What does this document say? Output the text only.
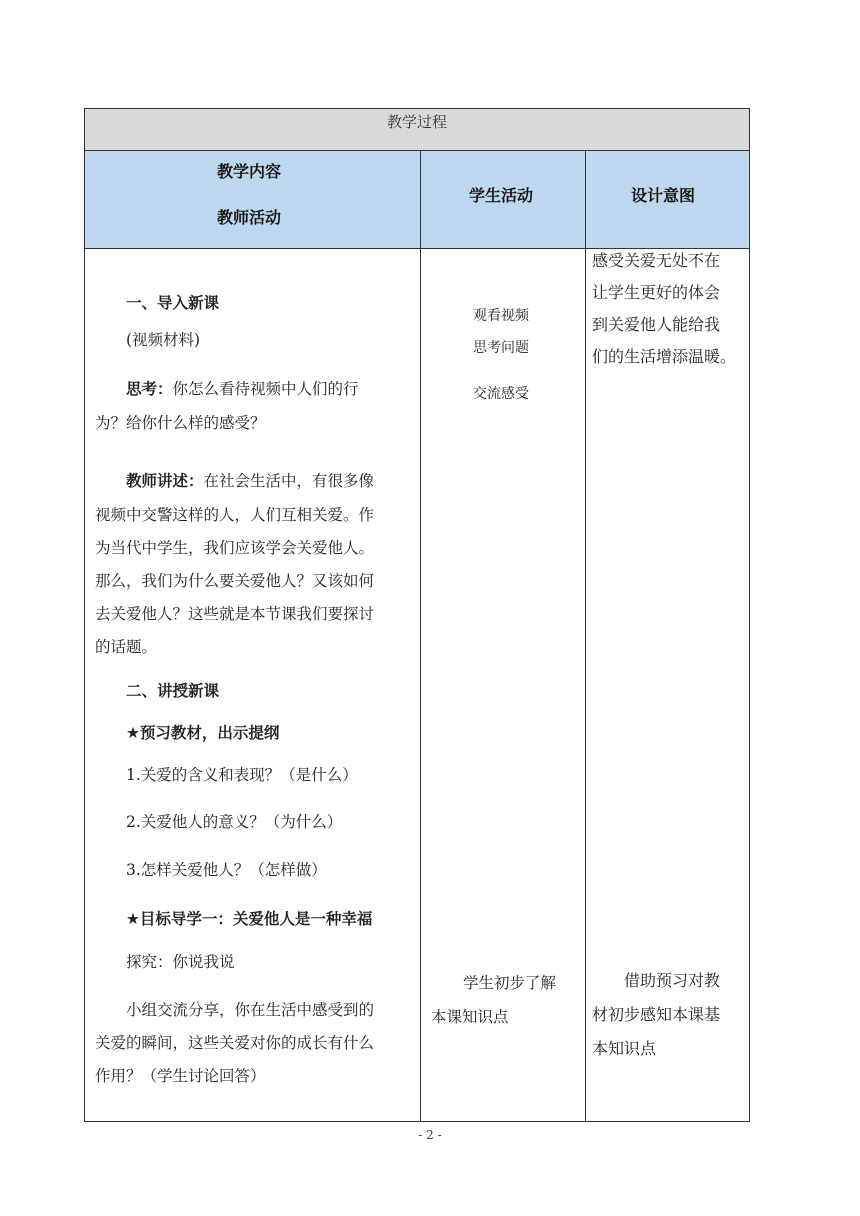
教学过程
教学内容
教师活动
学生活动	设计意图

一、导入新课

(视频材料)

思考：你怎么看待视频中人们的行

为？给你什么样的感受？

教师讲述：在社会生活中，有很多像

视频中交警这样的人，人们互相关爱。作
为当代中学生，我们应该学会关爱他人。
那么，我们为什么要关爱他人？又该如何
去关爱他人？这些就是本节课我们要探讨
的话题。

二、讲授新课

★预习教材，出示提纲

1.关爱的含义和表现？（是什么）

2.关爱他人的意义？（为什么）

3.怎样关爱他人？（怎样做）

★目标导学一：关爱他人是一种幸福

探究：你说我说

小组交流分享，你在生活中感受到的

关爱的瞬间，这些关爱对你的成长有什么
作用？（学生讨论回答）
观看视频
思考问题
交流感受
学生初步了解
本课知识点
感受关爱无处不在
让学生更好的体会
到关爱他人能给我
们的生活增添温暖。
借助预习对教
材初步感知本课基
本知识点
- 2 -
